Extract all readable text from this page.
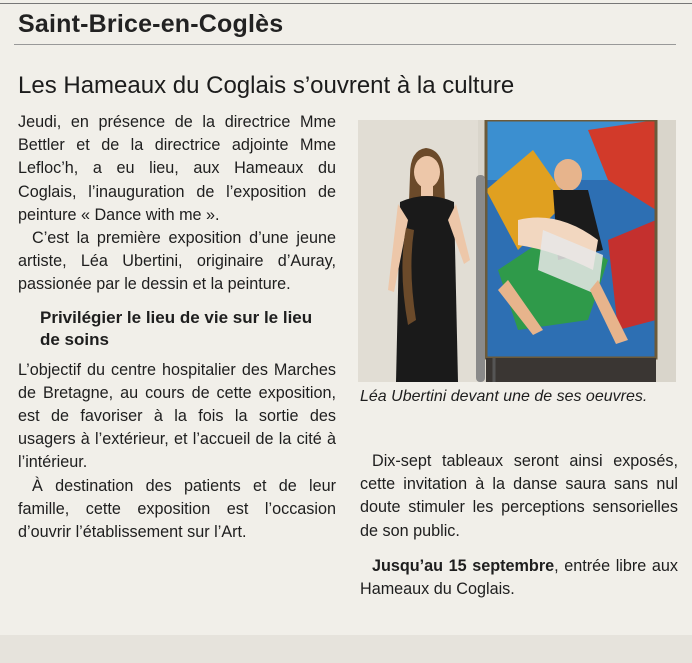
Saint-Brice-en-Coglès
Les Hameaux du Coglais s’ouvrent à la culture

Jeudi, en présence de la directrice Mme Bettler et de la directrice adjointe Mme Lefloc’h, a eu lieu, aux Hameaux du Coglais, l’inauguration de l’exposition de peinture « Dance with me ».

C’est la première exposition d’une jeune artiste, Léa Ubertini, originaire d’Auray, passionée par le dessin et la peinture.

Privilégier le lieu de vie sur le lieu de soins

L’objectif du centre hospitalier des Marches de Bretagne, au cours de cette exposition, est de favoriser à la fois la sortie des usagers à l’extérieur, et l’accueil de la cité à l’intérieur.

À destination des patients et de leur famille, cette exposition est l’occasion d’ouvrir l’établissement sur l’Art.

Léa Ubertini devant une de ses oeuvres.

Dix-sept tableaux seront ainsi exposés, cette invitation à la danse saura sans nul doute stimuler les perceptions sensorielles de son public.

Jusqu’au 15 septembre, entrée libre aux Hameaux du Coglais.
